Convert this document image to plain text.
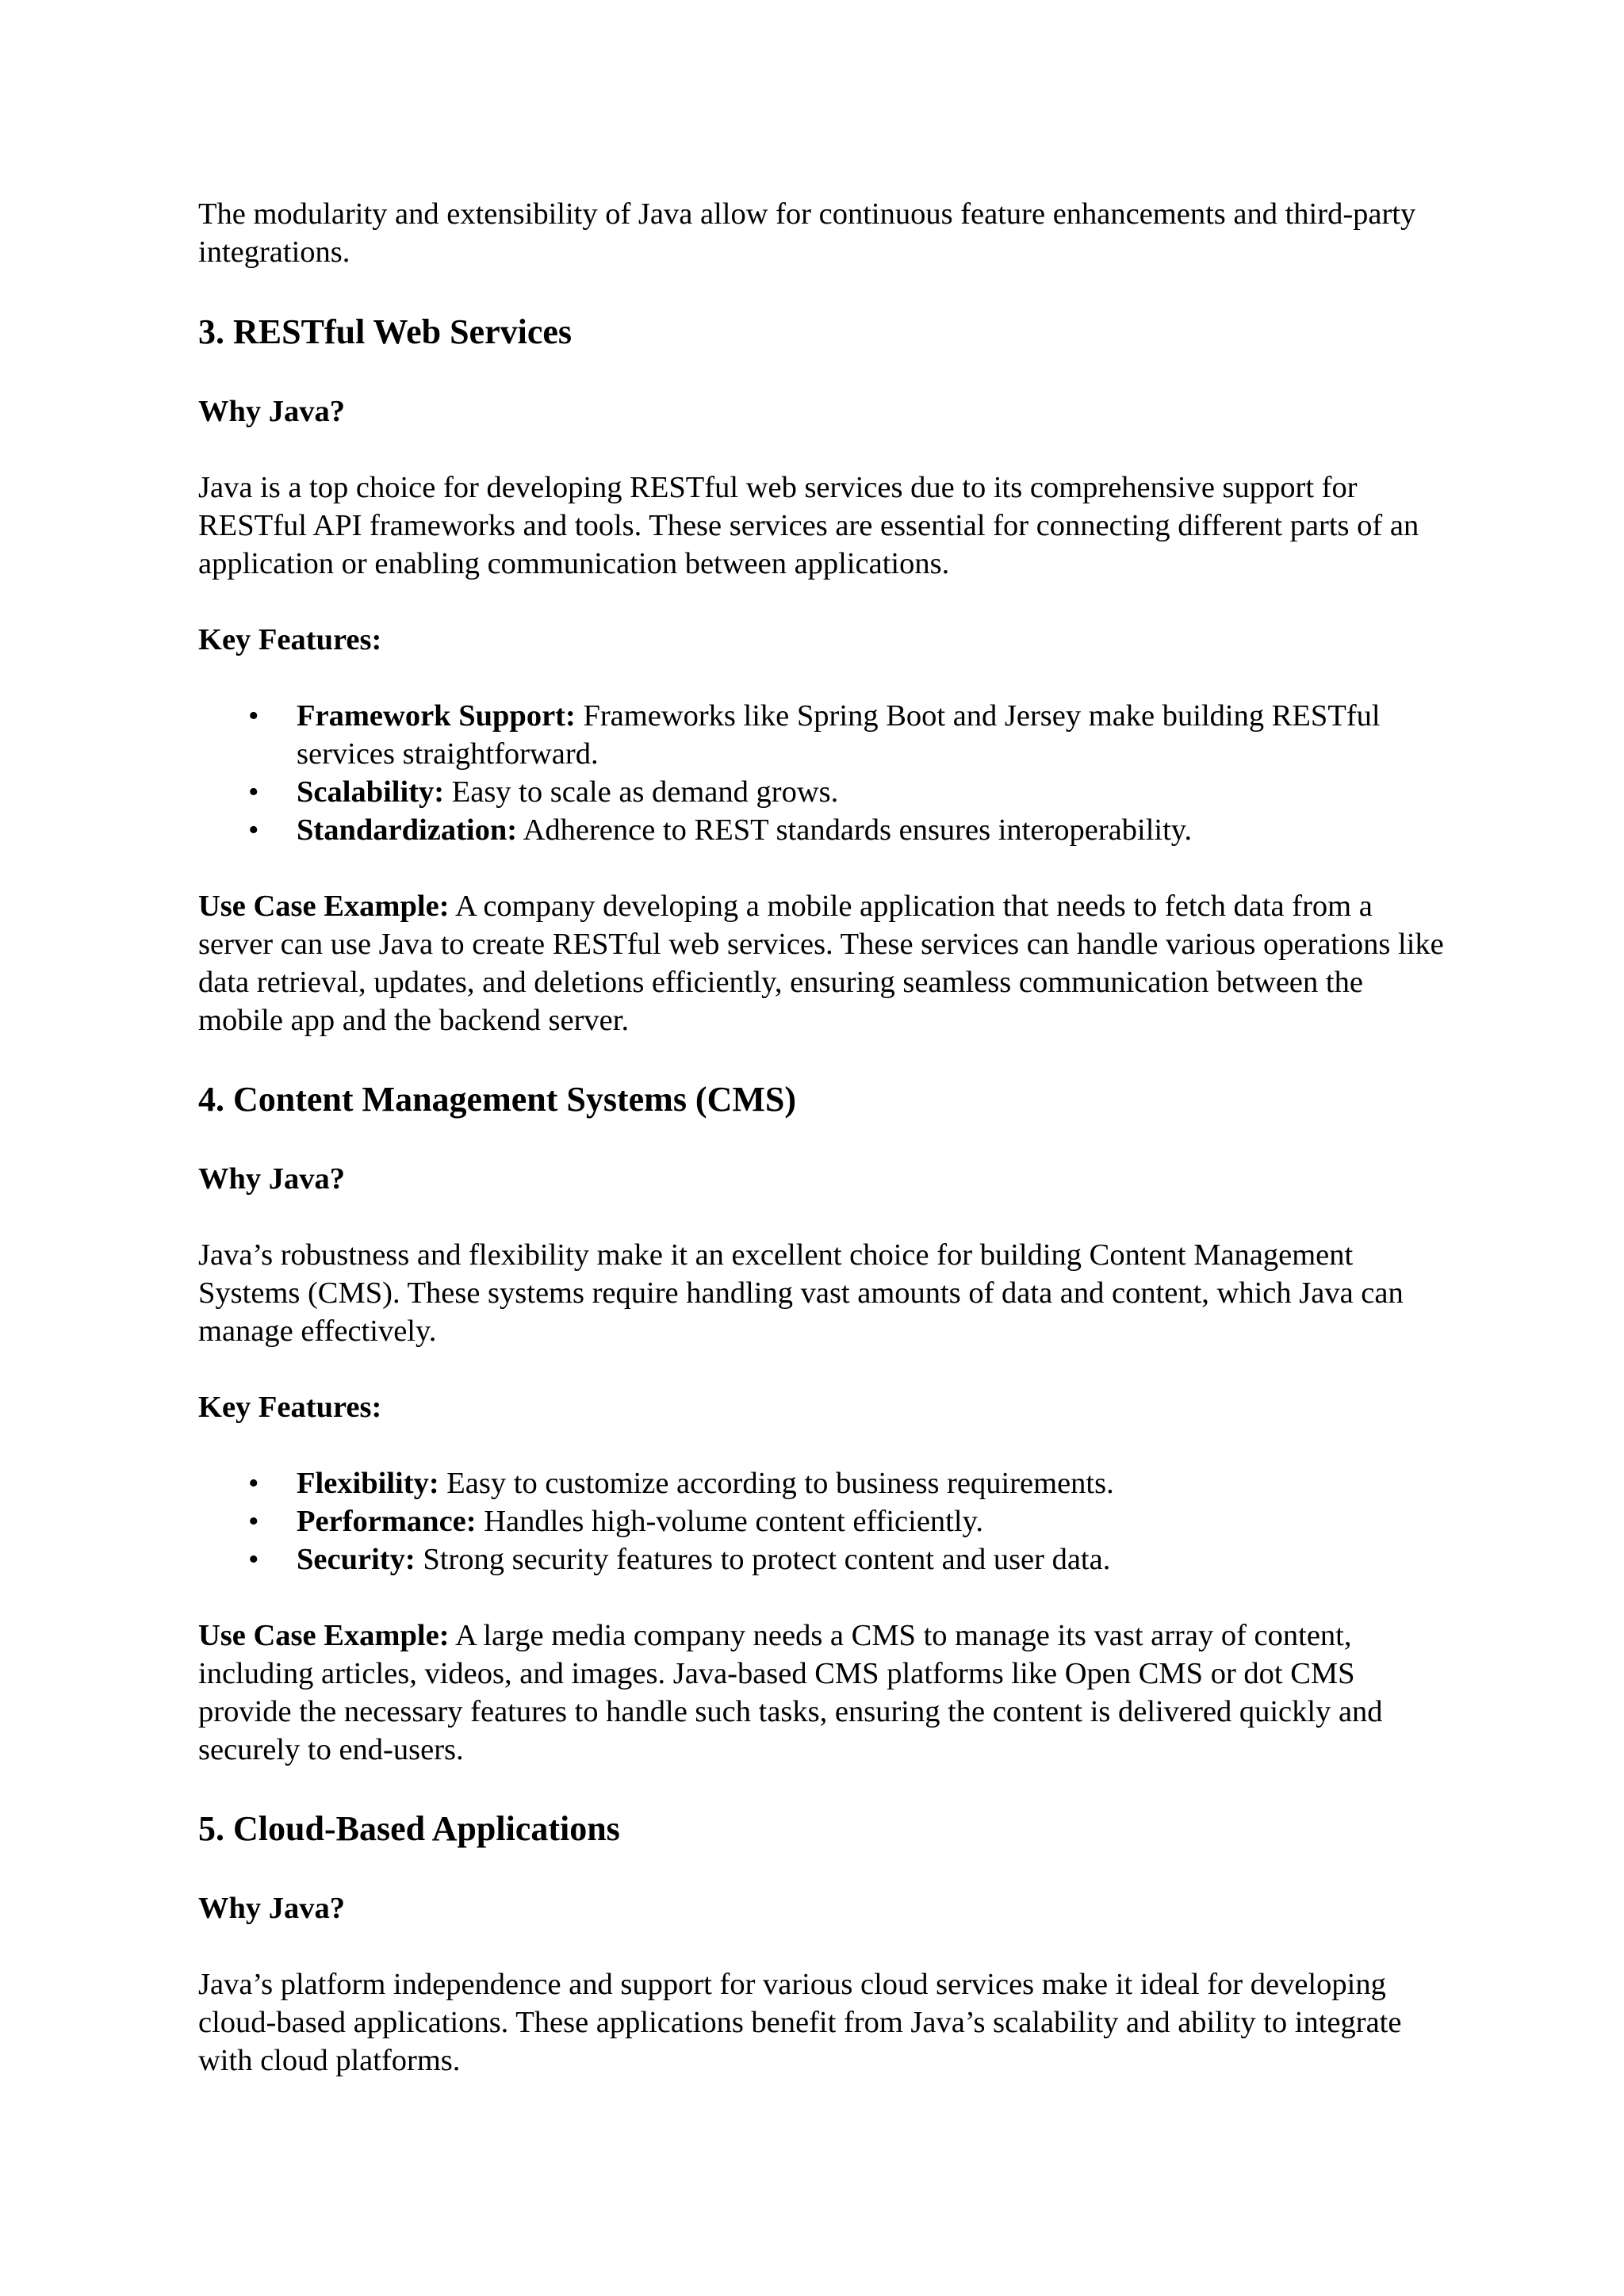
The modularity and extensibility of Java allow for continuous feature enhancements and third-party integrations.

3. RESTful Web Services

Why Java?

Java is a top choice for developing RESTful web services due to its comprehensive support for RESTful API frameworks and tools. These services are essential for connecting different parts of an application or enabling communication between applications.

Key Features:

• Framework Support: Frameworks like Spring Boot and Jersey make building RESTful services straightforward.
• Scalability: Easy to scale as demand grows.
• Standardization: Adherence to REST standards ensures interoperability.

Use Case Example: A company developing a mobile application that needs to fetch data from a server can use Java to create RESTful web services. These services can handle various operations like data retrieval, updates, and deletions efficiently, ensuring seamless communication between the mobile app and the backend server.

4. Content Management Systems (CMS)

Why Java?

Java’s robustness and flexibility make it an excellent choice for building Content Management Systems (CMS). These systems require handling vast amounts of data and content, which Java can manage effectively.

Key Features:

• Flexibility: Easy to customize according to business requirements.
• Performance: Handles high-volume content efficiently.
• Security: Strong security features to protect content and user data.

Use Case Example: A large media company needs a CMS to manage its vast array of content, including articles, videos, and images. Java-based CMS platforms like Open CMS or dot CMS provide the necessary features to handle such tasks, ensuring the content is delivered quickly and securely to end-users.

5. Cloud-Based Applications

Why Java?

Java’s platform independence and support for various cloud services make it ideal for developing cloud-based applications. These applications benefit from Java’s scalability and ability to integrate with cloud platforms.
